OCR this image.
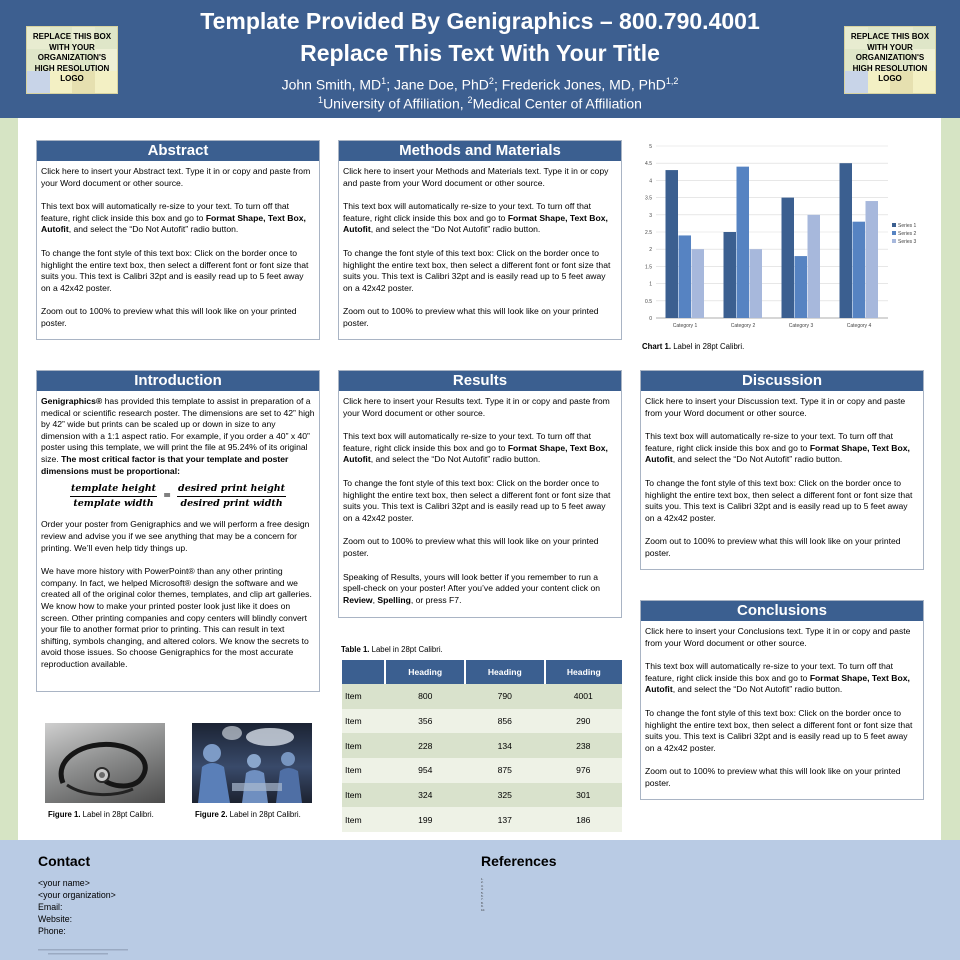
REPLACE THIS BOX
WITH YOUR
ORGANIZATION'S
HIGH RESOLUTION
LOGO
Template Provided By Genigraphics – 800.790.4001
Replace This Text With Your Title
John Smith, $MD^1$; Jane Doe, PhD$^2$; Frederick Jones, MD, PhD$^{1,2}$
$^1$University of Affiliation, $^2$Medical Center of Affiliation
REPLACE THIS BOX
WITH YOUR
ORGANIZATION'S
HIGH RESOLUTION
LOGO
Abstract

Click here to insert your Abstract text. Type it in or copy and paste from your Word document or other source.

This text box will automatically re-size to your text. To turn off that feature, right click inside this box and go to Format Shape, Text Box, Autofit, and select the “Do Not Autofit” radio button.

To change the font style of this text box: Click on the border once to highlight the entire text box, then select a different font or font size that suits you. This text is Calibri 32pt and is easily read up to 5 feet away on a 42x42 poster.

Zoom out to 100% to preview what this will look like on your printed poster.

Methods and Materials

Click here to insert your Methods and Materials text. Type it in or copy and paste from your Word document or other source.

This text box will automatically re-size to your text. To turn off that feature, right click inside this box and go to Format Shape, Text Box, Autofit, and select the “Do Not Autofit” radio button.

To change the font style of this text box: Click on the border once to highlight the entire text box, then select a different font or font size that suits you. This text is Calibri 32pt and is easily read up to 5 feet away on a 42x42 poster.

Zoom out to 100% to preview what this will look like on your printed poster.	0
0.5
1
1.5
2
2.5
3
3.5
4
4.5
5
Category 1	Category 2	Category 3	Category 4
Series 1
Series 2
Series 3
Chart 1. Label in 28pt Calibri.
Introduction

Genigraphics® has provided this template to assist in preparation of a medical or scientific research poster. The dimensions are set to 42” high by 42” wide but prints can be scaled up or down in size to any dimension with a 1:1 aspect ratio. For example, if you order a 40” x 40” poster using this template, we will print the file at 95.24% of its original size. The most critical factor is that your template and poster dimensions must be proportional:

$\frac{\text{template height}}{\text{template width}} = \frac{\text{desired print height}}{\text{desired print width}}$

Order your poster from Genigraphics and we will perform a free design review and advise you if we see anything that may be a concern for printing. We’ll even help tidy things up.

We have more history with PowerPoint® than any other printing company. In fact, we helped Microsoft® design the software and we created all of the original color themes, templates, and clip art galleries. We know how to make your printed poster look just like it does on screen. Other printing companies and copy centers will blindly convert your file to another format prior to printing. This can result in text shifting, symbols changing, and altered colors. We know the secrets to avoid those issues. So choose Genigraphics for the most accurate reproduction available.

Figure 1. Label in 28pt Calibri.	Figure 2. Label in 28pt Calibri.
Results

Click here to insert your Results text. Type it in or copy and paste from your Word document or other source.

This text box will automatically re-size to your text. To turn off that feature, right click inside this box and go to Format Shape, Text Box, Autofit, and select the “Do Not Autofit” radio button.

To change the font style of this text box: Click on the border once to highlight the entire text box, then select a different font or font size that suits you. This text is Calibri 32pt and is easily read up to 5 feet away on a 42x42 poster.

Zoom out to 100% to preview what this will look like on your printed poster.

Speaking of Results, yours will look better if you remember to run a spell-check on your poster! After you’ve added your content click on Review, Spelling, or press F7.

Table 1. Label in 28pt Calibri.
	Heading	Heading	Heading
Item	800	790	4001
Item	356	856	290
Item	228	134	238
Item	954	875	976
Item	324	325	301
Item	199	137	186
Discussion

Click here to insert your Discussion text. Type it in or copy and paste from your Word document or other source.

This text box will automatically re-size to your text. To turn off that feature, right click inside this box and go to Format Shape, Text Box, Autofit, and select the “Do Not Autofit” radio button.

To change the font style of this text box: Click on the border once to highlight the entire text box, then select a different font or font size that suits you. This text is Calibri 32pt and is easily read up to 5 feet away on a 42x42 poster.

Zoom out to 100% to preview what this will look like on your printed poster.

Conclusions

Click here to insert your Conclusions text. Type it in or copy and paste from your Word document or other source.

This text box will automatically re-size to your text. To turn off that feature, right click inside this box and go to Format Shape, Text Box, Autofit, and select the “Do Not Autofit” radio button.

To change the font style of this text box: Click on the border once to highlight the entire text box, then select a different font or font size that suits you. This text is Calibri 32pt and is easily read up to 5 feet away on a 42x42 poster.

Zoom out to 100% to preview what this will look like on your printed poster.

Contact
<your name>
<your organization>
Email:
Website:
Phone:
References
1.
2.
3.
4.
5.
6.
7.
8.
9.
10.
